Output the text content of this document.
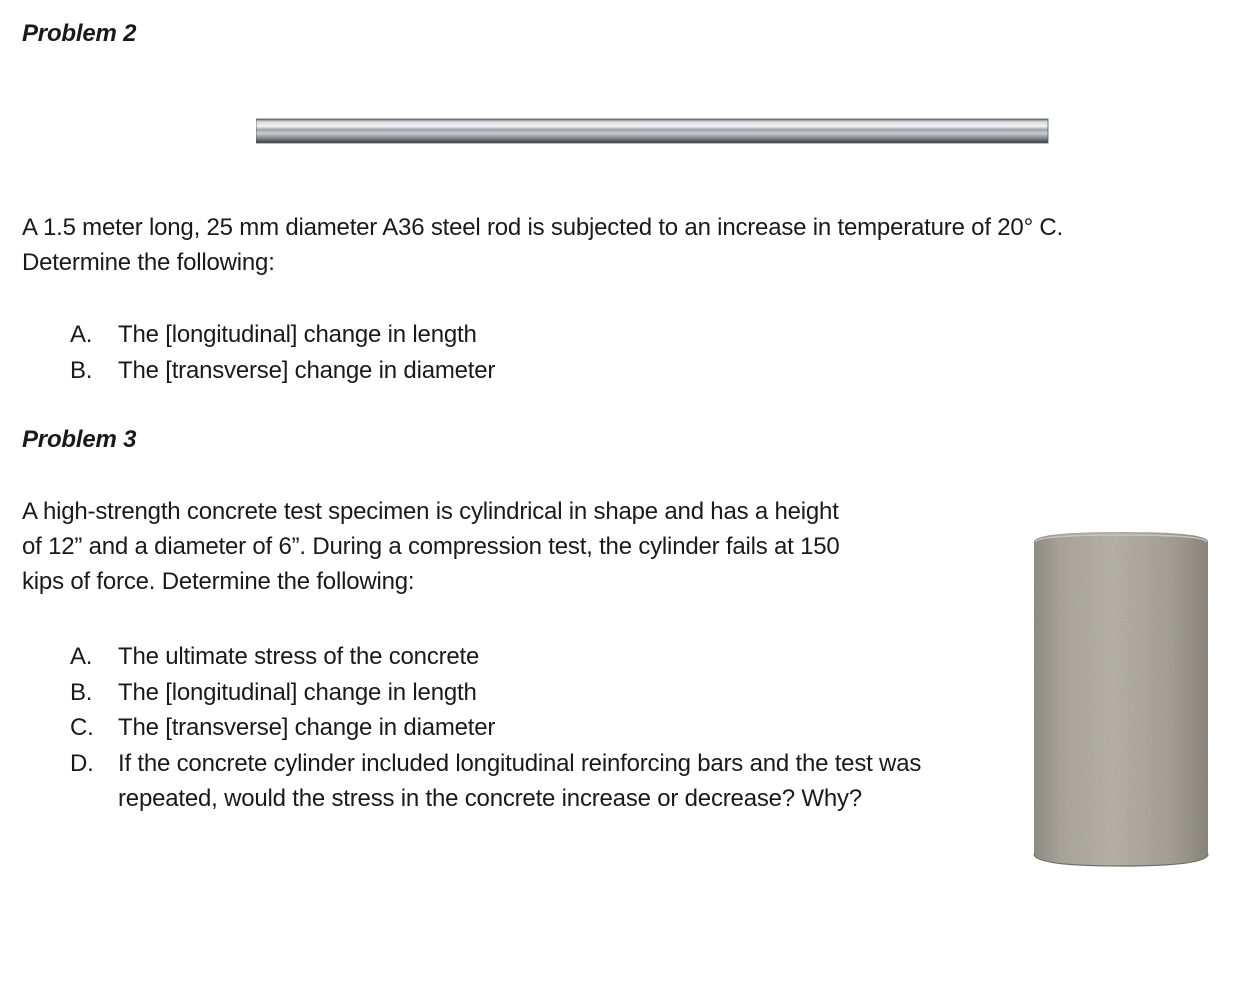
Problem 2
A 1.5 meter long, 25 mm diameter A36 steel rod is subjected to an increase in temperature of 20° C.
Determine the following:
A.	The [longitudinal] change in length
B.	The [transverse] change in diameter
Problem 3
A high-strength concrete test specimen is cylindrical in shape and has a height
of 12” and a diameter of 6”. During a compression test, the cylinder fails at 150
kips of force. Determine the following:
A.	The ultimate stress of the concrete
B.	The [longitudinal] change in length
C.	The [transverse] change in diameter
D.	If the concrete cylinder included longitudinal reinforcing bars and the test was repeated, would the stress in the concrete increase or decrease? Why?
